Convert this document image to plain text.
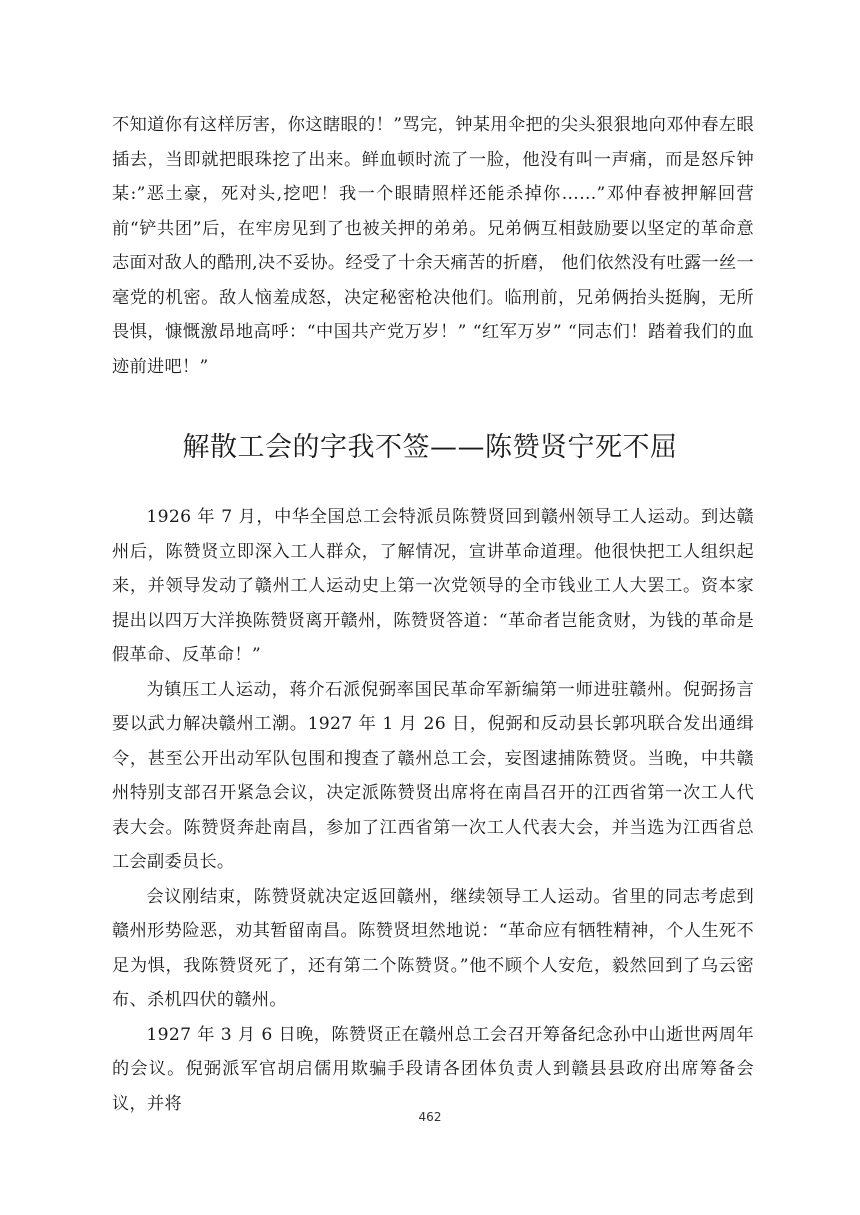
不知道你有这样厉害，你这瞎眼的！”骂完，钟某用伞把的尖头狠狠地向邓仲春左眼插去，当即就把眼珠挖了出来。鲜血顿时流了一脸，他没有叫一声痛，而是怒斥钟某:”恶土豪，死对头,挖吧！我一个眼睛照样还能杀掉你……”邓仲春被押解回营前“铲共团”后，在牢房见到了也被关押的弟弟。兄弟俩互相鼓励要以坚定的革命意志面对敌人的酷刑,决不妥协。经受了十余天痛苦的折磨， 他们依然没有吐露一丝一毫党的机密。敌人恼羞成怒，决定秘密枪决他们。临刑前，兄弟俩抬头挺胸，无所畏惧，慷慨激昂地高呼：“中国共产党万岁！” “红军万岁” “同志们！踏着我们的血迹前进吧！”

解散工会的字我不签——陈赞贤宁死不屈

1926 年 7 月，中华全国总工会特派员陈赞贤回到赣州领导工人运动。到达赣州后，陈赞贤立即深入工人群众，了解情况，宣讲革命道理。他很快把工人组织起来，并领导发动了赣州工人运动史上第一次党领导的全市钱业工人大罢工。资本家提出以四万大洋换陈赞贤离开赣州，陈赞贤答道：“革命者岂能贪财，为钱的革命是假革命、反革命！”

为镇压工人运动，蒋介石派倪弼率国民革命军新编第一师进驻赣州。倪弼扬言要以武力解决赣州工潮。1927 年 1 月 26 日，倪弼和反动县长郭巩联合发出通缉令，甚至公开出动军队包围和搜查了赣州总工会，妄图逮捕陈赞贤。当晚，中共赣州特别支部召开紧急会议，决定派陈赞贤出席将在南昌召开的江西省第一次工人代表大会。陈赞贤奔赴南昌，参加了江西省第一次工人代表大会，并当选为江西省总工会副委员长。

会议刚结束，陈赞贤就决定返回赣州，继续领导工人运动。省里的同志考虑到赣州形势险恶，劝其暂留南昌。陈赞贤坦然地说：“革命应有牺牲精神，个人生死不足为惧，我陈赞贤死了，还有第二个陈赞贤。”他不顾个人安危，毅然回到了乌云密布、杀机四伏的赣州。

1927 年 3 月 6 日晚，陈赞贤正在赣州总工会召开筹备纪念孙中山逝世两周年的会议。倪弼派军官胡启儒用欺骗手段请各团体负责人到赣县县政府出席筹备会议，并将

462
